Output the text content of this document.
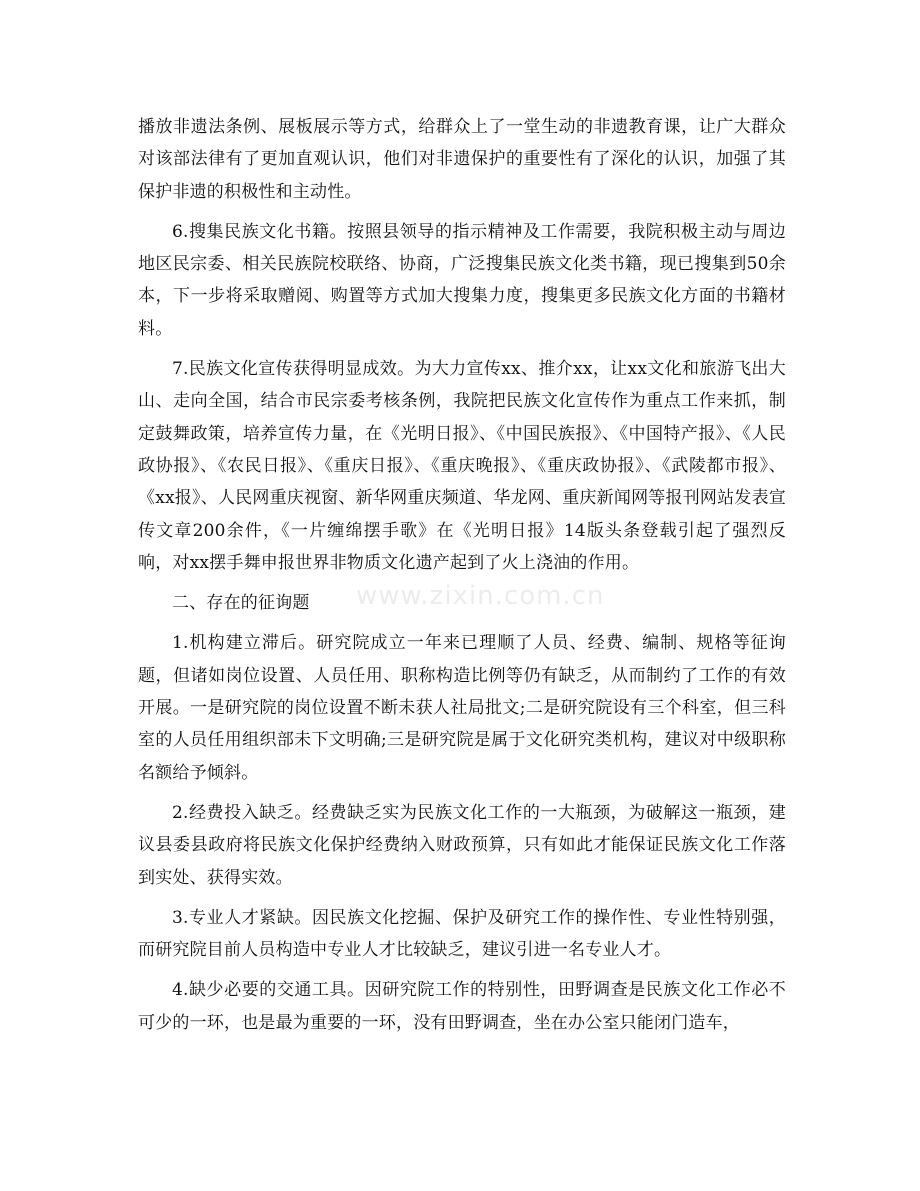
播放非遗法条例、展板展示等方式，给群众上了一堂生动的非遗教育课，让广大群众对该部法律有了更加直观认识，他们对非遗保护的重要性有了深化的认识，加强了其保护非遗的积极性和主动性。

6.搜集民族文化书籍。按照县领导的指示精神及工作需要，我院积极主动与周边地区民宗委、相关民族院校联络、协商，广泛搜集民族文化类书籍，现已搜集到50余本，下一步将采取赠阅、购置等方式加大搜集力度，搜集更多民族文化方面的书籍材料。

7.民族文化宣传获得明显成效。为大力宣传xx、推介xx，让xx文化和旅游飞出大山、走向全国，结合市民宗委考核条例，我院把民族文化宣传作为重点工作来抓，制定鼓舞政策，培养宣传力量，在《光明日报》、《中国民族报》、《中国特产报》、《人民政协报》、《农民日报》、《重庆日报》、《重庆晚报》、《重庆政协报》、《武陵都市报》、《xx报》、人民网重庆视窗、新华网重庆频道、华龙网、重庆新闻网等报刊网站发表宣传文章200余件，《一片缠绵摆手歌》在《光明日报》14版头条登载引起了强烈反响，对xx摆手舞申报世界非物质文化遗产起到了火上浇油的作用。

二、存在的征询题

1.机构建立滞后。研究院成立一年来已理顺了人员、经费、编制、规格等征询题，但诸如岗位设置、人员任用、职称构造比例等仍有缺乏，从而制约了工作的有效开展。一是研究院的岗位设置不断未获人社局批文;二是研究院设有三个科室，但三科室的人员任用组织部未下文明确;三是研究院是属于文化研究类机构，建议对中级职称名额给予倾斜。

2.经费投入缺乏。经费缺乏实为民族文化工作的一大瓶颈，为破解这一瓶颈，建议县委县政府将民族文化保护经费纳入财政预算，只有如此才能保证民族文化工作落到实处、获得实效。

3.专业人才紧缺。因民族文化挖掘、保护及研究工作的操作性、专业性特别强，而研究院目前人员构造中专业人才比较缺乏，建议引进一名专业人才。

4.缺少必要的交通工具。因研究院工作的特别性，田野调查是民族文化工作必不可少的一环，也是最为重要的一环，没有田野调查，坐在办公室只能闭门造车，

www.zixin.com.cn
